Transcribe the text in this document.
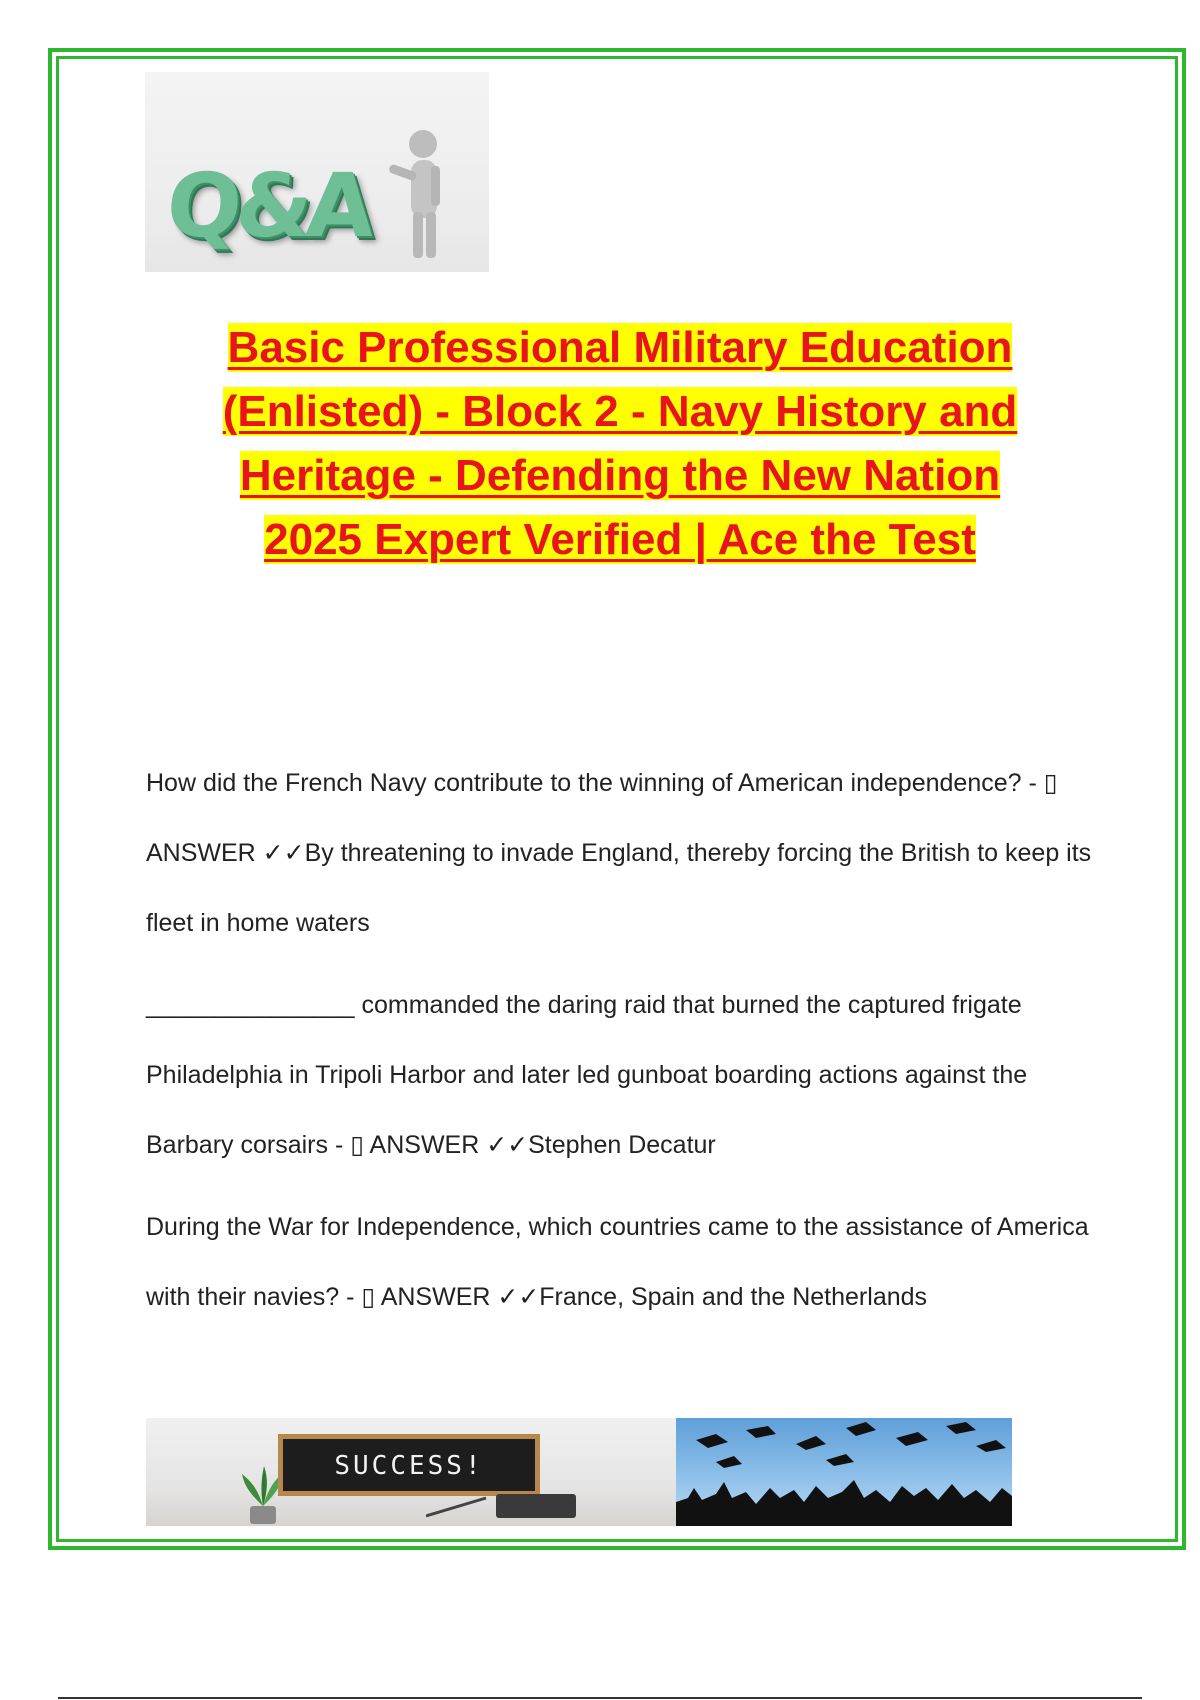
Q&A
Basic Professional Military Education
(Enlisted) - Block 2 - Navy History and
Heritage - Defending the New Nation
2025 Expert Verified | Ace the Test

How did the French Navy contribute to the winning of American independence? - ▯ ANSWER ✓✓By threatening to invade England, thereby forcing the British to keep its fleet in home waters

_______________ commanded the daring raid that burned the captured frigate Philadelphia in Tripoli Harbor and later led gunboat boarding actions against the Barbary corsairs - ▯ ANSWER ✓✓Stephen Decatur

During the War for Independence, which countries came to the assistance of America with their navies? - ▯ ANSWER ✓✓France, Spain and the Netherlands

SUCCESS!
